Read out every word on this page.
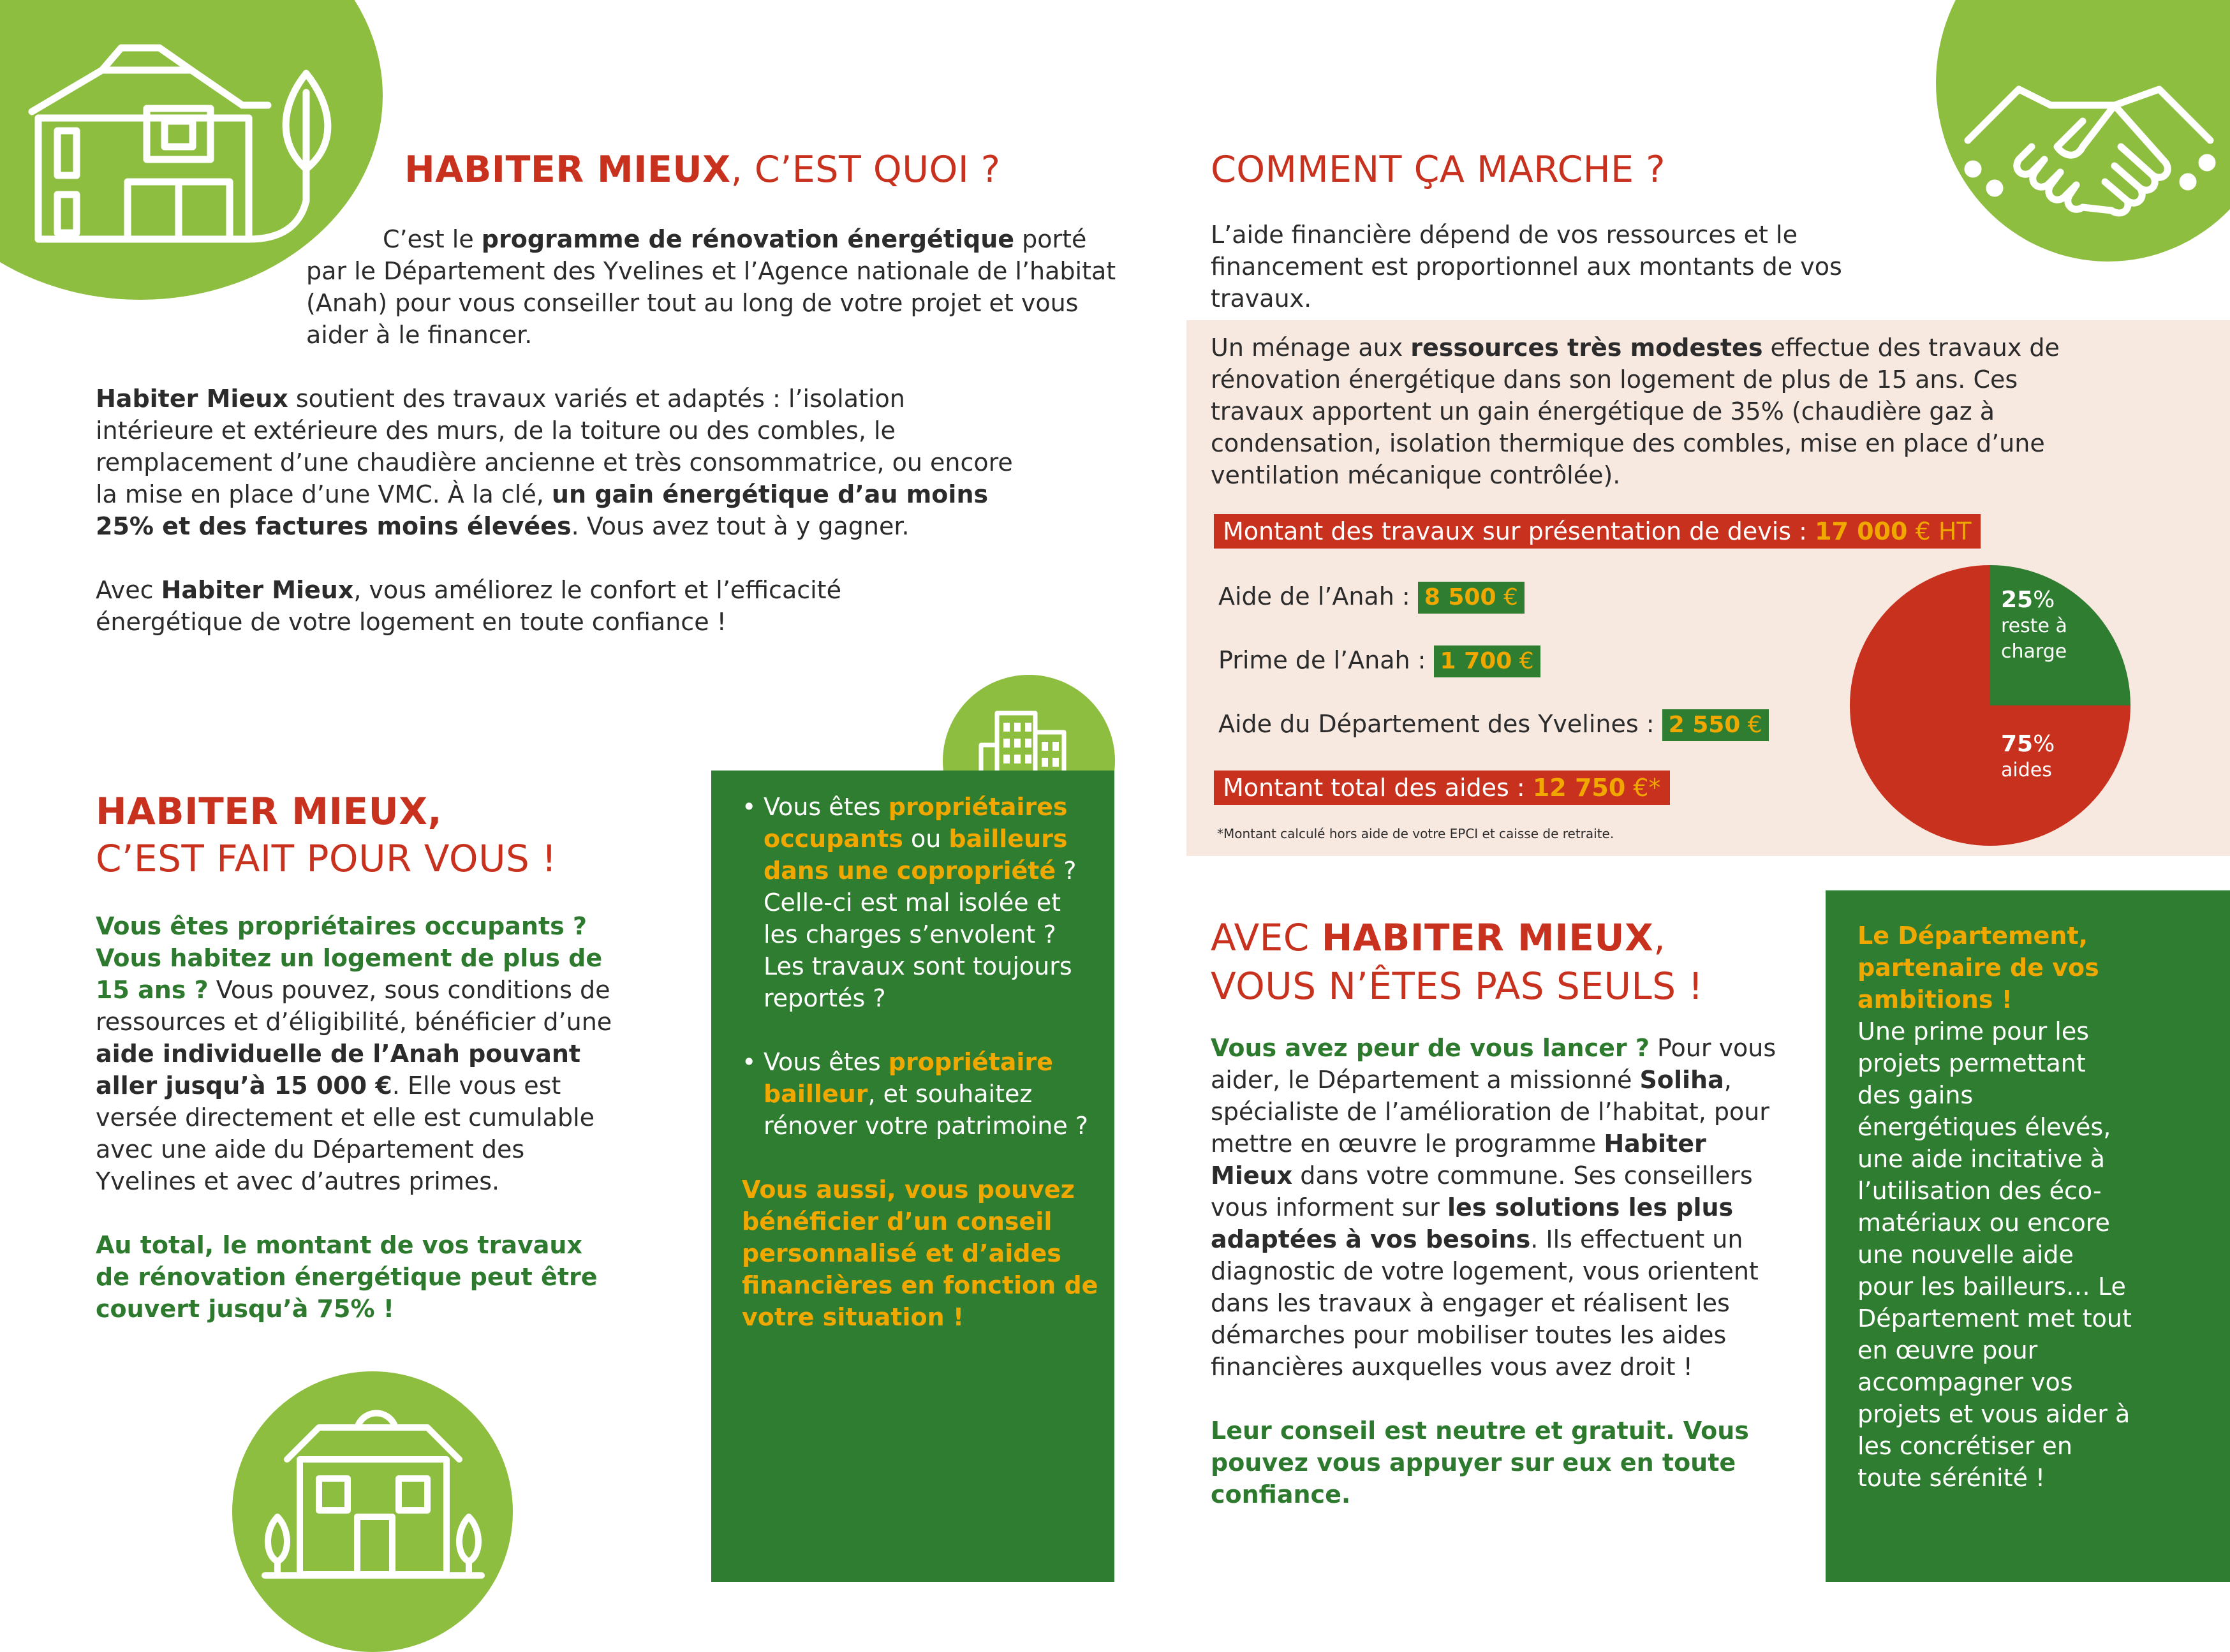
HABITER MIEUX, C’EST QUOI ?

C’est le programme de rénovation énergétique porté par le Département des Yvelines et l’Agence nationale de l’habitat (Anah) pour vous conseiller tout au long de votre projet et vous aider à le financer.

Habiter Mieux soutient des travaux variés et adaptés : l’isolation intérieure et extérieure des murs, de la toiture ou des combles, le remplacement d’une chaudière ancienne et très consommatrice, ou encore la mise en place d’une VMC. À la clé, un gain énergétique d’au moins 25% et des factures moins élevées. Vous avez tout à y gagner.

Avec Habiter Mieux, vous améliorez le confort et l’efficacité énergétique de votre logement en toute confiance !

HABITER MIEUX,
C’EST FAIT POUR VOUS !

Vous êtes propriétaires occupants ? Vous habitez un logement de plus de 15 ans ? Vous pouvez, sous conditions de ressources et d’éligibilité, bénéficier d’une aide individuelle de l’Anah pouvant aller jusqu’à 15 000 €. Elle vous est versée directement et elle est cumulable avec une aide du Département des Yvelines et avec d’autres primes.

Au total, le montant de vos travaux de rénovation énergétique peut être couvert jusqu’à 75% !

• Vous êtes propriétaires occupants ou bailleurs dans une copropriété ? Celle-ci est mal isolée et les charges s’envolent ? Les travaux sont toujours reportés ?

• Vous êtes propriétaire bailleur, et souhaitez rénover votre patrimoine ?

Vous aussi, vous pouvez bénéficier d’un conseil personnalisé et d’aides financières en fonction de votre situation !

COMMENT ÇA MARCHE ?

L’aide financière dépend de vos ressources et le financement est proportionnel aux montants de vos travaux.

Un ménage aux ressources très modestes effectue des travaux de rénovation énergétique dans son logement de plus de 15 ans. Ces travaux apportent un gain énergétique de 35% (chaudière gaz à condensation, isolation thermique des combles, mise en place d’une ventilation mécanique contrôlée).

Montant des travaux sur présentation de devis : 17 000 € HT
Aide de l’Anah : 8 500 €
Prime de l’Anah : 1 700 €
Aide du Département des Yvelines : 2 550 €
Montant total des aides : 12 750 €*
*Montant calculé hors aide de votre EPCI et caisse de retraite.
25%
reste à
charge
75%
aides
AVEC HABITER MIEUX,
VOUS N’ÊTES PAS SEULS !

Vous avez peur de vous lancer ? Pour vous aider, le Département a missionné Soliha, spécialiste de l’amélioration de l’habitat, pour mettre en œuvre le programme Habiter Mieux dans votre commune. Ses conseillers vous informent sur les solutions les plus adaptées à vos besoins. Ils effectuent un diagnostic de votre logement, vous orientent dans les travaux à engager et réalisent les démarches pour mobiliser toutes les aides financières auxquelles vous avez droit !

Leur conseil est neutre et gratuit. Vous pouvez vous appuyer sur eux en toute confiance.

Le Département, partenaire de vos ambitions !

Une prime pour les projets permettant des gains énergétiques élevés, une aide incitative à l’utilisation des éco-matériaux ou encore une nouvelle aide pour les bailleurs… Le Département met tout en œuvre pour accompagner vos projets et vous aider à les concrétiser en toute sérénité !
